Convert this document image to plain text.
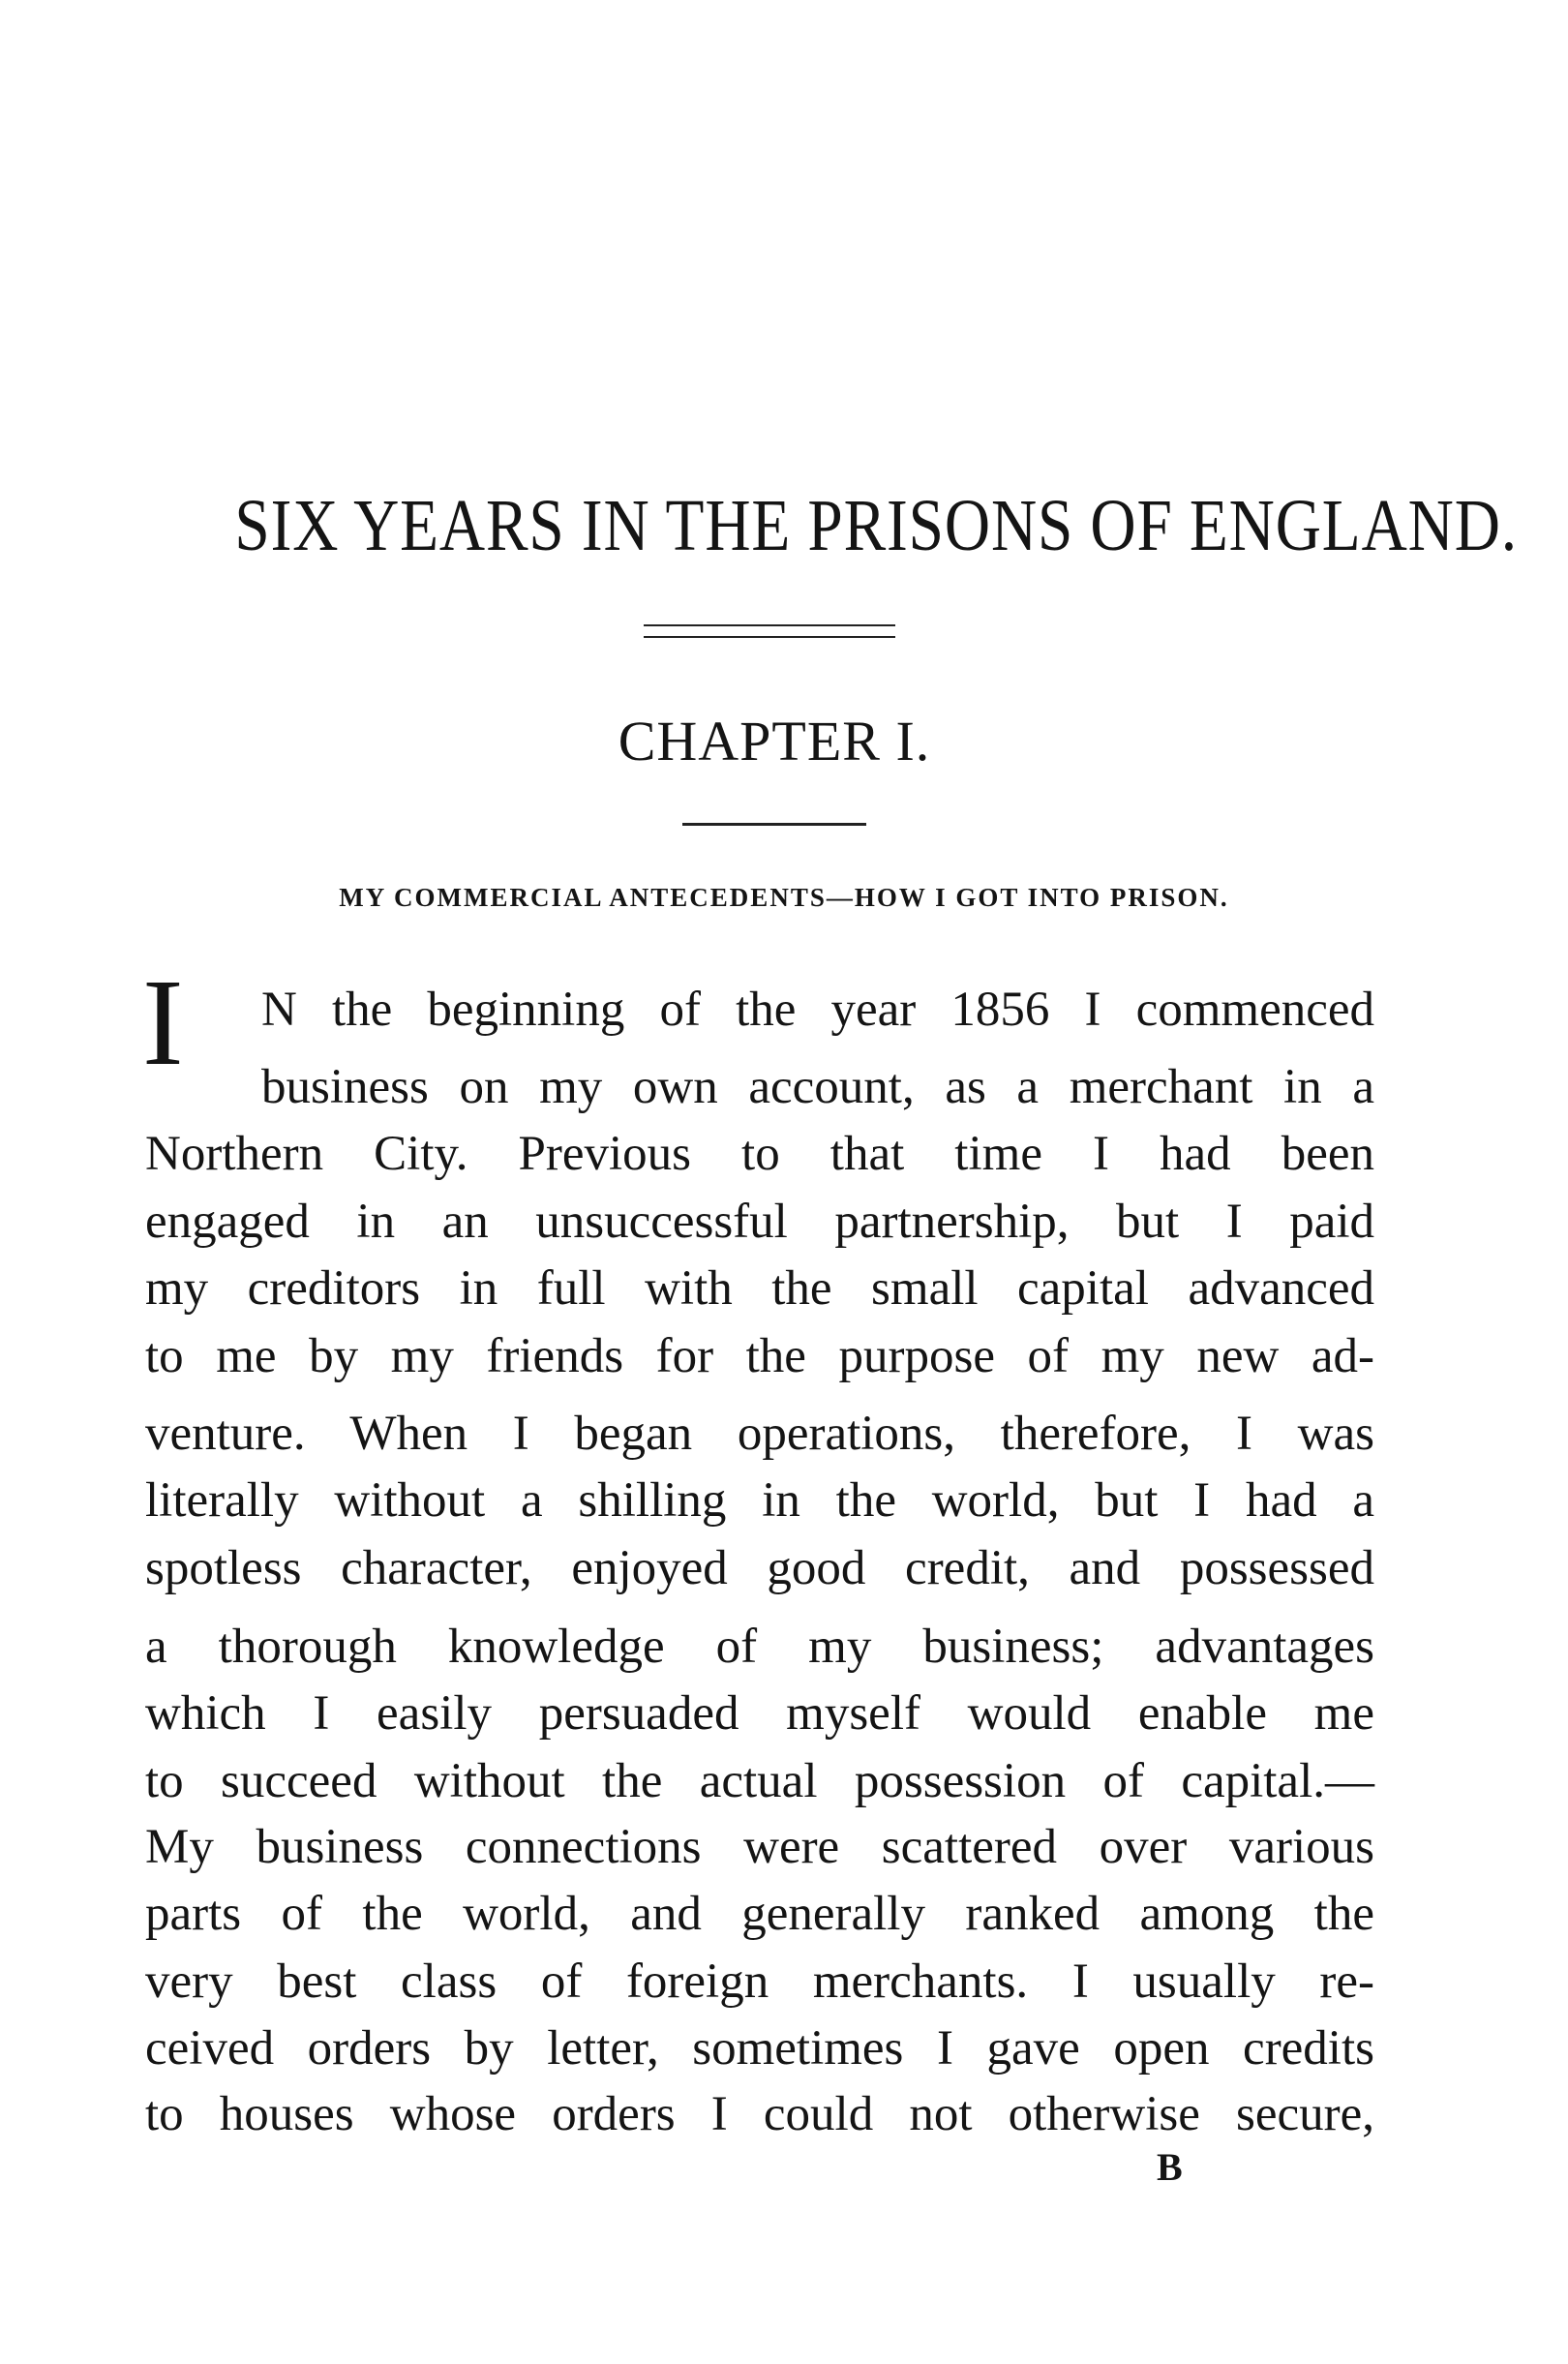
SIX YEARS IN THE PRISONS OF ENGLAND.
CHAPTER I.
MY COMMERCIAL ANTECEDENTS—HOW I GOT INTO PRISON.
I N the beginning of the year 1856 I commenced
business on my own account, as a merchant in a
Northern City. Previous to that time I had been
engaged in an unsuccessful partnership, but I paid
my creditors in full with the small capital advanced
to me by my friends for the purpose of my new ad-
venture. When I began operations, therefore, I was
literally without a shilling in the world, but I had a
spotless character, enjoyed good credit, and possessed
a thorough knowledge of my business; advantages
which I easily persuaded myself would enable me
to succeed without the actual possession of capital.—
My business connections were scattered over various
parts of the world, and generally ranked among the
very best class of foreign merchants. I usually re-
ceived orders by letter, sometimes I gave open credits
to houses whose orders I could not otherwise secure,
B
